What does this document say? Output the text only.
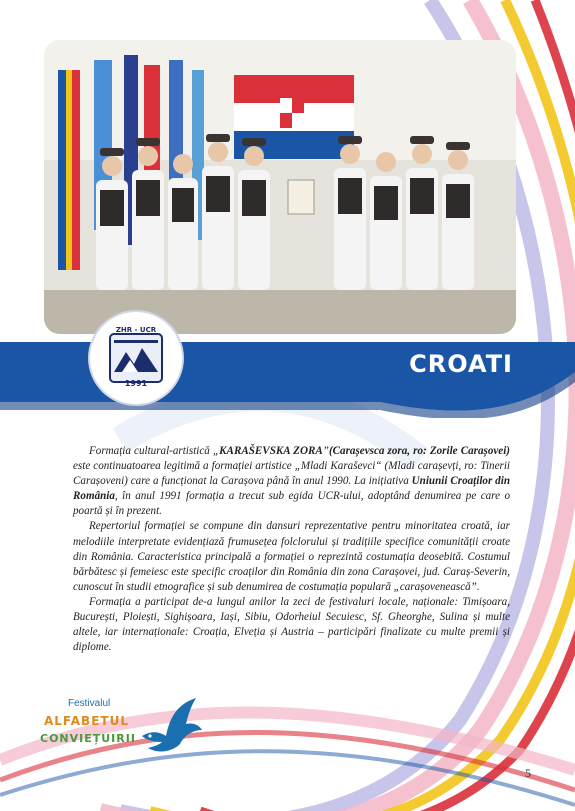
CROATI
ZHR - UCR
1991

Formația cultural-artistică „KARAŠEVSKA ZORA”(Carașevsca zora, ro: Zorile Carașovei) este continuatoarea legitimă a formației artistice „Mladi Karaševci“ (Mladi carașevți, ro: Tinerii Carașoveni) care a funcționat la Carașova până în anul 1990. La inițiativa Uniunii Croaților din România, în anul 1991 formația a trecut sub egida UCR-ului, adoptând denumirea pe care o poartă și în prezent.

Repertoriul formației se compune din dansuri reprezentative pentru minoritatea croată, iar melodiile interpretate evidențiază frumusețea folclorului și tradițiile specifice comunității croate din România. Caracteristica principală a formației o reprezintă costumația deosebită. Costumul bărbătesc și femeiesc este specific croaților din România din zona Carașovei, jud. Caraș-Severin, cunoscut în studii etnografice și sub denumirea de costumația populară „carașovenească”.

Formația a participat de-a lungul anilor la zeci de festivaluri locale, naționale: Timișoara, București, Ploiești, Sighișoara, Iași, Sibiu, Odorheiul Secuiesc, Sf. Gheorghe, Sulina și multe altele, iar internaționale: Croația, Elveția și Austria – participări finalizate cu multe premii și diplome.

Festivalul
ALFABETUL
CONVIEȚUIRII
5
